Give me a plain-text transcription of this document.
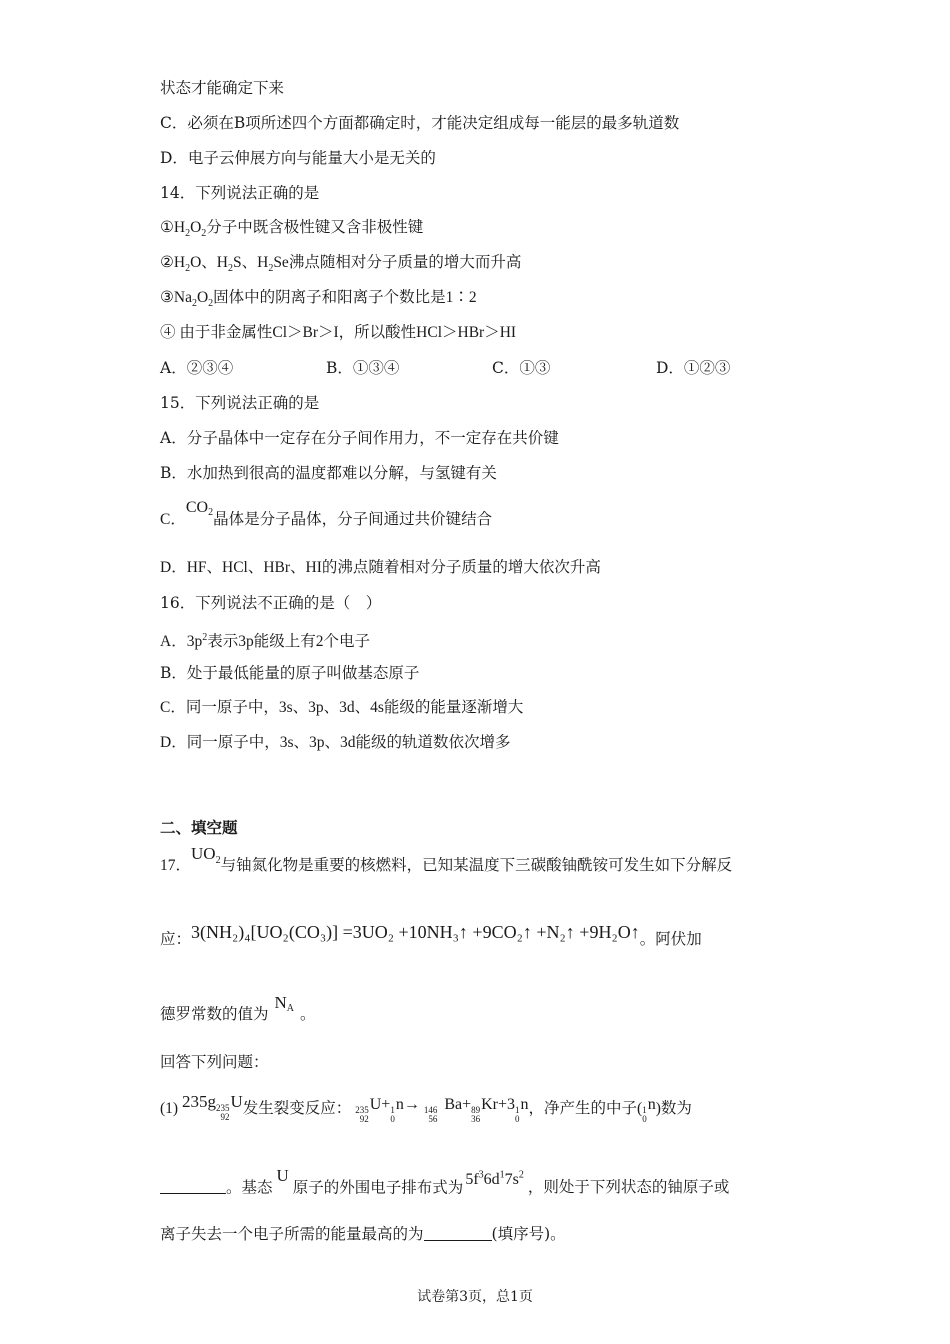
状态才能确定下来
C．必须在B项所述四个方面都确定时，才能决定组成每一能层的最多轨道数
D．电子云伸展方向与能量大小是无关的
14．下列说法正确的是
$①H_2O_2$分子中既含极性键又含非极性键
$②H_2O$、$H_2S$、$H_2Se$沸点随相对分子质量的增大而升高
$③Na_2O_2$固体中的阴离子和阳离子个数比是1∶2
④ 由于非金属性Cl＞Br＞I，所以酸性HCl＞HBr＞HI
A．②③④	B．①③④	C．①③	D．①②③
15．下列说法正确的是
A．分子晶体中一定存在分子间作用力，不一定存在共价键
B．水加热到很高的温度都难以分解，与氢键有关
C．$CO^2$晶体是分子晶体，分子间通过共价键结合
D．HF、HCl、HBr、HI的沸点随着相对分子质量的增大依次升高
16．下列说法不正确的是（　）
A．$3p^2$表示3p能级上有2个电子
B．处于最低能量的原子叫做基态原子
C．同一原子中，3s、3p、3d、4s能级的能量逐渐增大
D．同一原子中，3s、3p、3d能级的轨道数依次增多
二、填空题
17．$UO^2$与铀氮化物是重要的核燃料，已知某温度下三碳酸铀酰铵可发生如下分解反
应：3(NH₂)₄[UO₂(CO₃)] =3UO₂ +10NH₃↑ +9CO₂↑ +N₂↑ +9H₂O↑。阿伏加
德罗常数的值为$N^A$ 。
回答下列问题：
(1) 235g 235
92
U发生裂变反应： 235
92
U+ 1
0
n→ 146
56
Ba+ 89
36
Kr+3 1
0
n，净产生的中子( 1
0
n)数为
。基态U原子的外围电子排布式为 $5f^36d^17s^2$，则处于下列状态的铀原子或
离子失去一个电子所需的能量最高的为	(填序号)。
试卷第3页，总1页
